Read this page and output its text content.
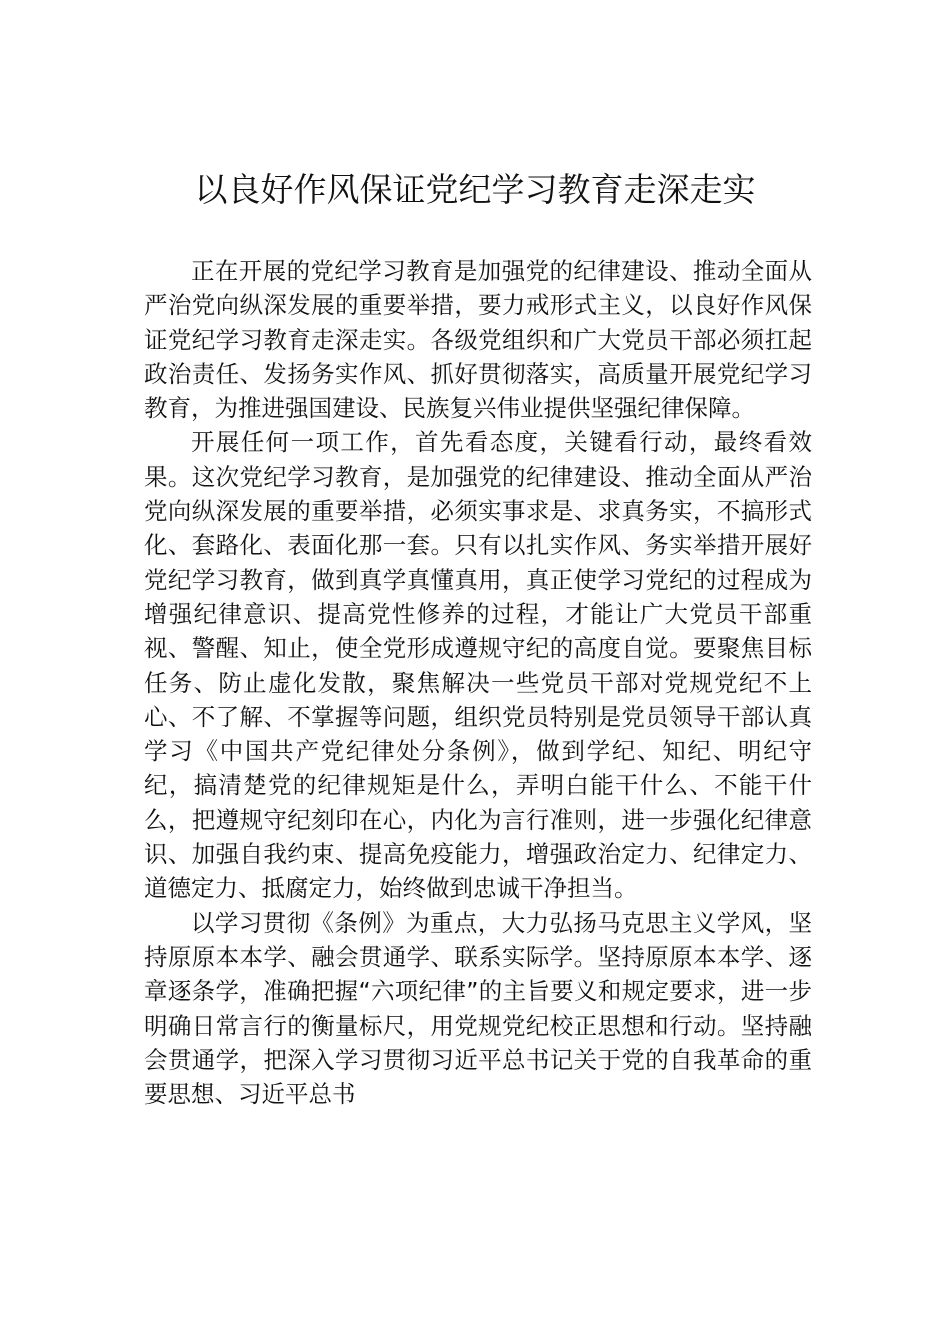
以良好作风保证党纪学习教育走深走实

正在开展的党纪学习教育是加强党的纪律建设、推动全面从严治党向纵深发展的重要举措，要力戒形式主义，以良好作风保证党纪学习教育走深走实。各级党组织和广大党员干部必须扛起政治责任、发扬务实作风、抓好贯彻落实，高质量开展党纪学习教育，为推进强国建设、民族复兴伟业提供坚强纪律保障。

开展任何一项工作，首先看态度，关键看行动，最终看效果。这次党纪学习教育，是加强党的纪律建设、推动全面从严治党向纵深发展的重要举措，必须实事求是、求真务实，不搞形式化、套路化、表面化那一套。只有以扎实作风、务实举措开展好党纪学习教育，做到真学真懂真用，真正使学习党纪的过程成为增强纪律意识、提高党性修养的过程，才能让广大党员干部重视、警醒、知止，使全党形成遵规守纪的高度自觉。要聚焦目标任务、防止虚化发散，聚焦解决一些党员干部对党规党纪不上心、不了解、不掌握等问题，组织党员特别是党员领导干部认真学习《中国共产党纪律处分条例》，做到学纪、知纪、明纪守纪，搞清楚党的纪律规矩是什么，弄明白能干什么、不能干什么，把遵规守纪刻印在心，内化为言行准则，进一步强化纪律意识、加强自我约束、提高免疫能力，增强政治定力、纪律定力、道德定力、抵腐定力，始终做到忠诚干净担当。

以学习贯彻《条例》为重点，大力弘扬马克思主义学风，坚持原原本本学、融会贯通学、联系实际学。坚持原原本本学、逐章逐条学，准确把握“六项纪律”的主旨要义和规定要求，进一步明确日常言行的衡量标尺，用党规党纪校正思想和行动。坚持融会贯通学，把深入学习贯彻习近平总书记关于党的自我革命的重要思想、习近平总书
